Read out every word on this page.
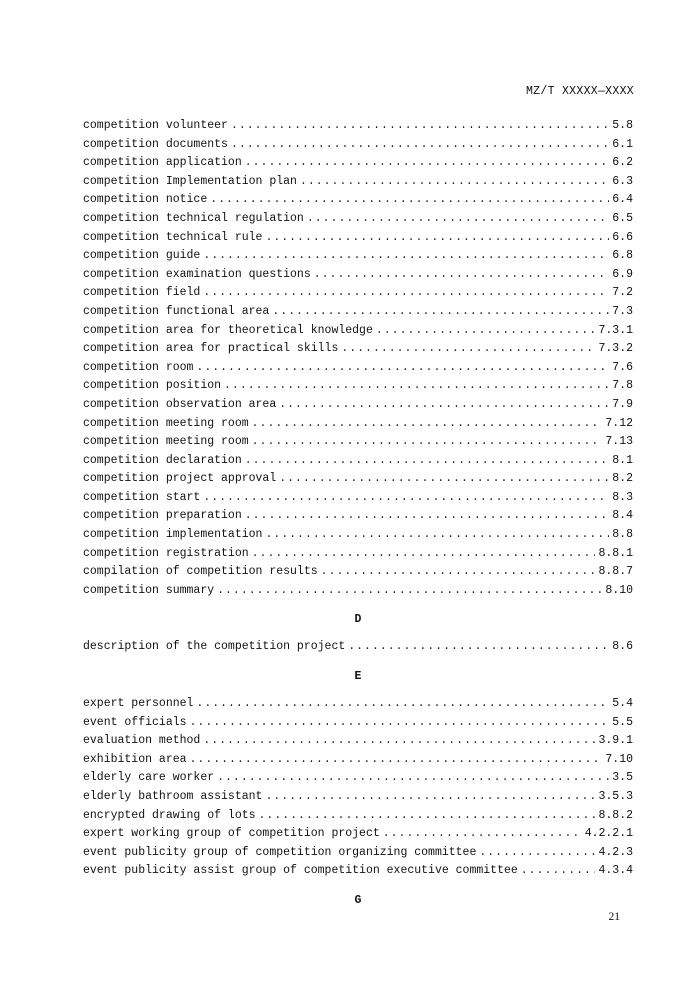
MZ/T XXXXX—XXXX
competition volunteer .....	5.8
competition documents .....	6.1
competition application .....	6.2
competition Implementation plan .....	6.3
competition notice .....	6.4
competition technical regulation .....	6.5
competition technical rule .....	6.6
competition guide .....	6.8
competition examination questions .....	6.9
competition field .....	7.2
competition functional area .....	7.3
competition area for theoretical knowledge .....	7.3.1
competition area for practical skills .....	7.3.2
competition room .....	7.6
competition position .....	7.8
competition observation area .....	7.9
competition meeting room .....	7.12
competition meeting room .....	7.13
competition declaration .....	8.1
competition project approval .....	8.2
competition start .....	8.3
competition preparation .....	8.4
competition implementation .....	8.8
competition registration .....	8.8.1
compilation of competition results .....	8.8.7
competition summary .....	8.10
D
description of the competition project .....	8.6
E
expert personnel .....	5.4
event officials .....	5.5
evaluation method .....	3.9.1
exhibition area .....	7.10
elderly care worker .....	3.5
elderly bathroom assistant .....	3.5.3
encrypted drawing of lots .....	8.8.2
expert working group of competition project .....	4.2.2.1
event publicity group of competition organizing committee .....	4.2.3
event publicity assist group of competition executive committee .....	4.3.4
G
21
